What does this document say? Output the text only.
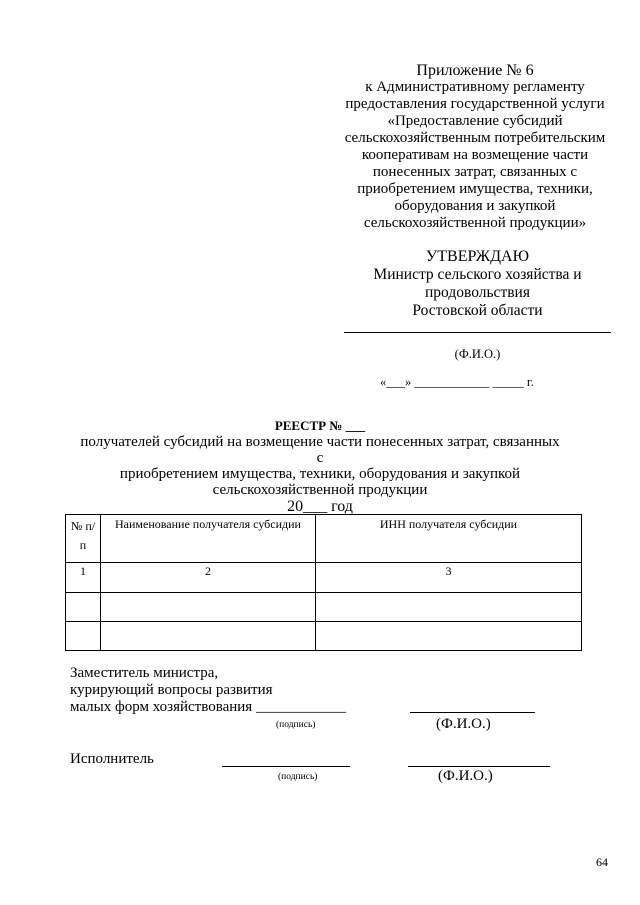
Приложение № 6
к Административному регламенту
предоставления государственной услуги
«Предоставление субсидий
сельскохозяйственным потребительским
кооперативам на возмещение части
понесенных затрат, связанных с
приобретением имущества, техники,
оборудования и закупкой
сельскохозяйственной продукции»
УТВЕРЖДАЮ
Министр сельского хозяйства и
продовольствия
Ростовской области
(Ф.И.О.)
«___» ____________ _____ г.
РЕЕСТР № ___
получателей субсидий на возмещение части понесенных затрат, связанных с
приобретением имущества, техники, оборудования и закупкой
сельскохозяйственной продукции
20___ год
№ п/п	Наименование получателя субсидии	ИНН получателя субсидии
1	2	3

Заместитель министра,
курирующий вопросы развития
малых форм хозяйствования ____________
(подпись)	(Ф.И.О.)
Исполнитель
(подпись)	(Ф.И.О.)
64
